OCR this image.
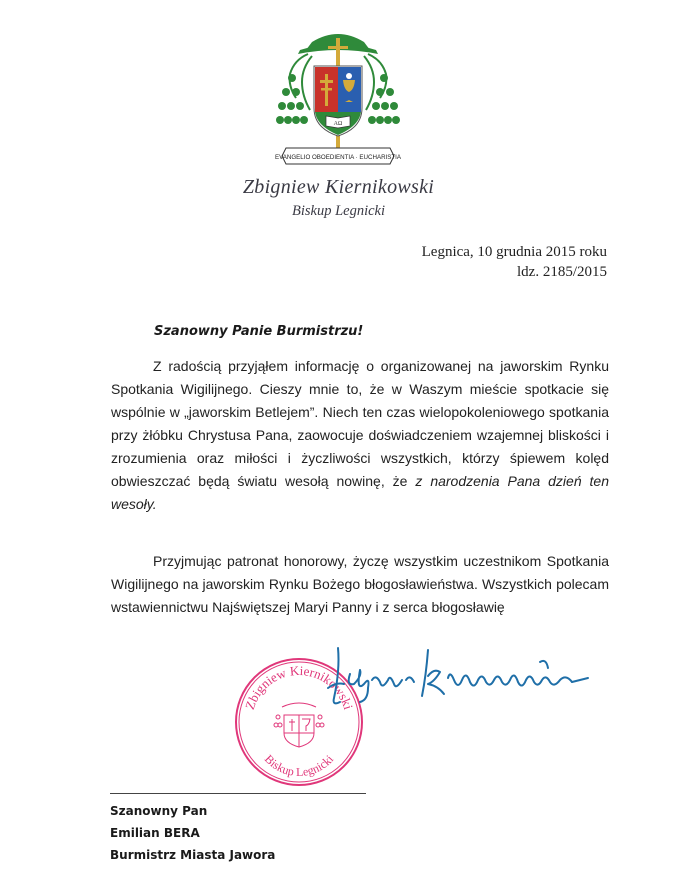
AΩ
EVANGELIO OBOEDIENTIA · EUCHARISTIA
Zbigniew Kiernikowski
Biskup Legnicki
Legnica, 10 grudnia 2015 roku
ldz. 2185/2015
Szanowny Panie Burmistrzu!

Z radością przyjąłem informację o organizowanej na jaworskim Rynku Spotkania Wigilijnego. Cieszy mnie to, że w Waszym mieście spotkacie się wspólnie w „jaworskim Betlejem”. Niech ten czas wielopokoleniowego spotkania przy żłóbku Chrystusa Pana, zaowocuje doświadczeniem wzajemnej bliskości i zrozumienia oraz miłości i życzliwości wszystkich, którzy śpiewem kolęd obwieszczać będą światu wesołą nowinę, że z narodzenia Pana dzień ten wesoły.

Przyjmując patronat honorowy, życzę wszystkim uczestnikom Spotkania Wigilijnego na jaworskim Rynku Bożego błogosławieństwa. Wszystkich polecam wstawiennictwu Najświętszej Maryi Panny i z serca błogosławię

Zbigniew Kiernikowski
Biskup Legnicki
Szanowny Pan
Emilian BERA
Burmistrz Miasta Jawora
